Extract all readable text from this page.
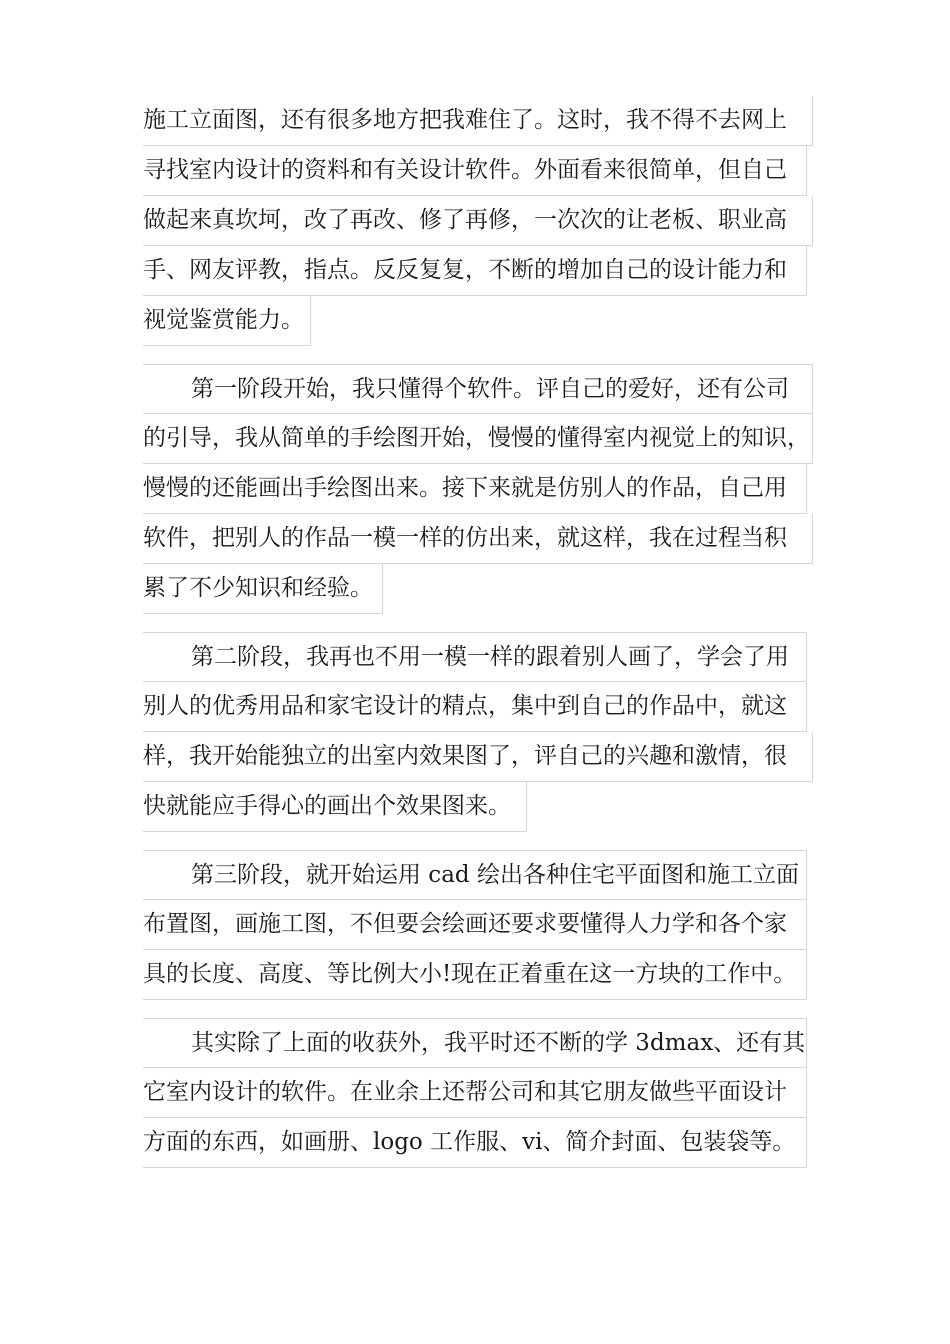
施工立面图，还有很多地方把我难住了。这时，我不得不去网上
寻找室内设计的资料和有关设计软件。外面看来很简单，但自己
做起来真坎坷，改了再改、修了再修，一次次的让老板、职业高
手、网友评教，指点。反反复复，不断的增加自己的设计能力和
视觉鉴赏能力。
第一阶段开始，我只懂得个软件。评自己的爱好，还有公司
的引导，我从简单的手绘图开始，慢慢的懂得室内视觉上的知识，
慢慢的还能画出手绘图出来。接下来就是仿别人的作品，自己用
软件，把别人的作品一模一样的仿出来，就这样，我在过程当积
累了不少知识和经验。
第二阶段，我再也不用一模一样的跟着别人画了，学会了用
别人的优秀用品和家宅设计的精点，集中到自己的作品中，就这
样，我开始能独立的出室内效果图了，评自己的兴趣和激情，很
快就能应手得心的画出个效果图来。
第三阶段，就开始运用 cad 绘出各种住宅平面图和施工立面
布置图，画施工图，不但要会绘画还要求要懂得人力学和各个家
具的长度、高度、等比例大小!现在正着重在这一方块的工作中。
其实除了上面的收获外，我平时还不断的学 3dmax、还有其
它室内设计的软件。在业余上还帮公司和其它朋友做些平面设计
方面的东西，如画册、logo 工作服、vi、简介封面、包装袋等。
